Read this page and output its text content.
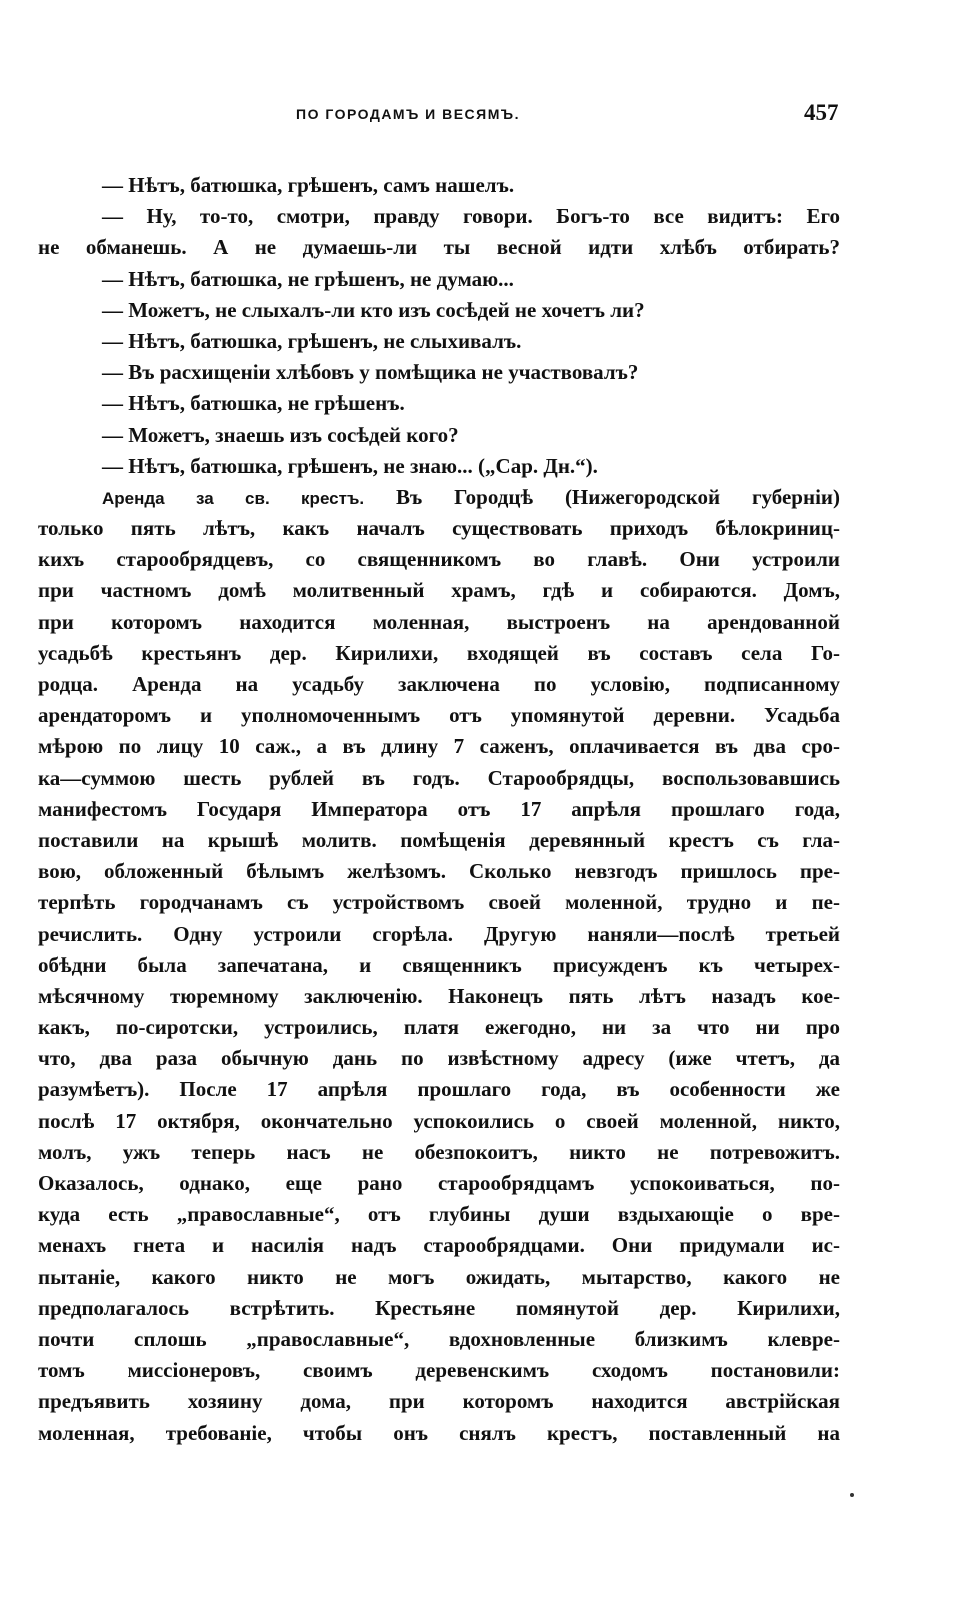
ПО ГОРОДАМЪ И ВЕСЯМЪ.	457
— Нѣтъ, батюшка, грѣшенъ, самъ нашелъ.
— Ну, то-то, смотри, правду говори. Богъ-то все видитъ: Его
не обманешь. А не думаешь-ли ты весной идти хлѣбъ отбирать?
— Нѣтъ, батюшка, не грѣшенъ, не думаю...
— Можетъ, не слыхалъ-ли кто изъ сосѣдей не хочетъ ли?
— Нѣтъ, батюшка, грѣшенъ, не слыхивалъ.
— Въ расхищеніи хлѣбовъ у помѣщика не участвовалъ?
— Нѣтъ, батюшка, не грѣшенъ.
— Можетъ, знаешь изъ сосѣдей кого?
— Нѣтъ, батюшка, грѣшенъ, не знаю... („Сар. Дн.“).
Аренда за св. крестъ. Въ Городцѣ (Нижегородской губерніи)
только пять лѣтъ, какъ началъ существовать приходъ бѣлокриниц-
кихъ старообрядцевъ, со священникомъ во главѣ. Они устроили
при частномъ домѣ молитвенный храмъ, гдѣ и собираются. Домъ,
при которомъ находится моленная, выстроенъ на арендованной
усадьбѣ крестьянъ дер. Кирилихи, входящей въ составъ села Го-
родца. Аренда на усадьбу заключена по условію, подписанному
арендаторомъ и уполномоченнымъ отъ упомянутой деревни. Усадьба
мѣрою по лицу 10 саж., а въ длину 7 саженъ, оплачивается въ два сро-
ка—суммою шесть рублей въ годъ. Старообрядцы, воспользовавшись
манифестомъ Государя Императора отъ 17 апрѣля прошлаго года,
поставили на крышѣ молитв. помѣщенія деревянный крестъ съ гла-
вою, обложенный бѣлымъ желѣзомъ. Сколько невзгодъ пришлось пре-
терпѣть городчанамъ съ устройствомъ своей моленной, трудно и пе-
речислить. Одну устроили сгорѣла. Другую наняли—послѣ третьей
обѣдни была запечатана, и священникъ присужденъ къ четырех-
мѣсячному тюремному заключенію. Наконецъ пять лѣтъ назадъ кое-
какъ, по-сиротски, устроились, платя ежегодно, ни за что ни про
что, два раза обычную дань по извѣстному адресу (иже чтетъ, да
разумѣетъ). После 17 апрѣля прошлаго года, въ особенности же
послѣ 17 октября, окончательно успокоились о своей моленной, никто,
молъ, ужъ теперь насъ не обезпокоитъ, никто не потревожитъ.
Оказалось, однако, еще рано старообрядцамъ успокоиваться, по-
куда есть „православные“, отъ глубины души вздыхающіе о вре-
менахъ гнета и насилія надъ старообрядцами. Они придумали ис-
пытаніе, какого никто не могъ ожидать, мытарство, какого не
предполагалось встрѣтить. Крестьяне помянутой дер. Кирилихи,
почти сплошь „православные“, вдохновленные близкимъ клевре-
томъ миссіонеровъ, своимъ деревенскимъ сходомъ постановили:
предъявить хозяину дома, при которомъ находится австрійская
моленная, требованіе, чтобы онъ снялъ крестъ, поставленный на
